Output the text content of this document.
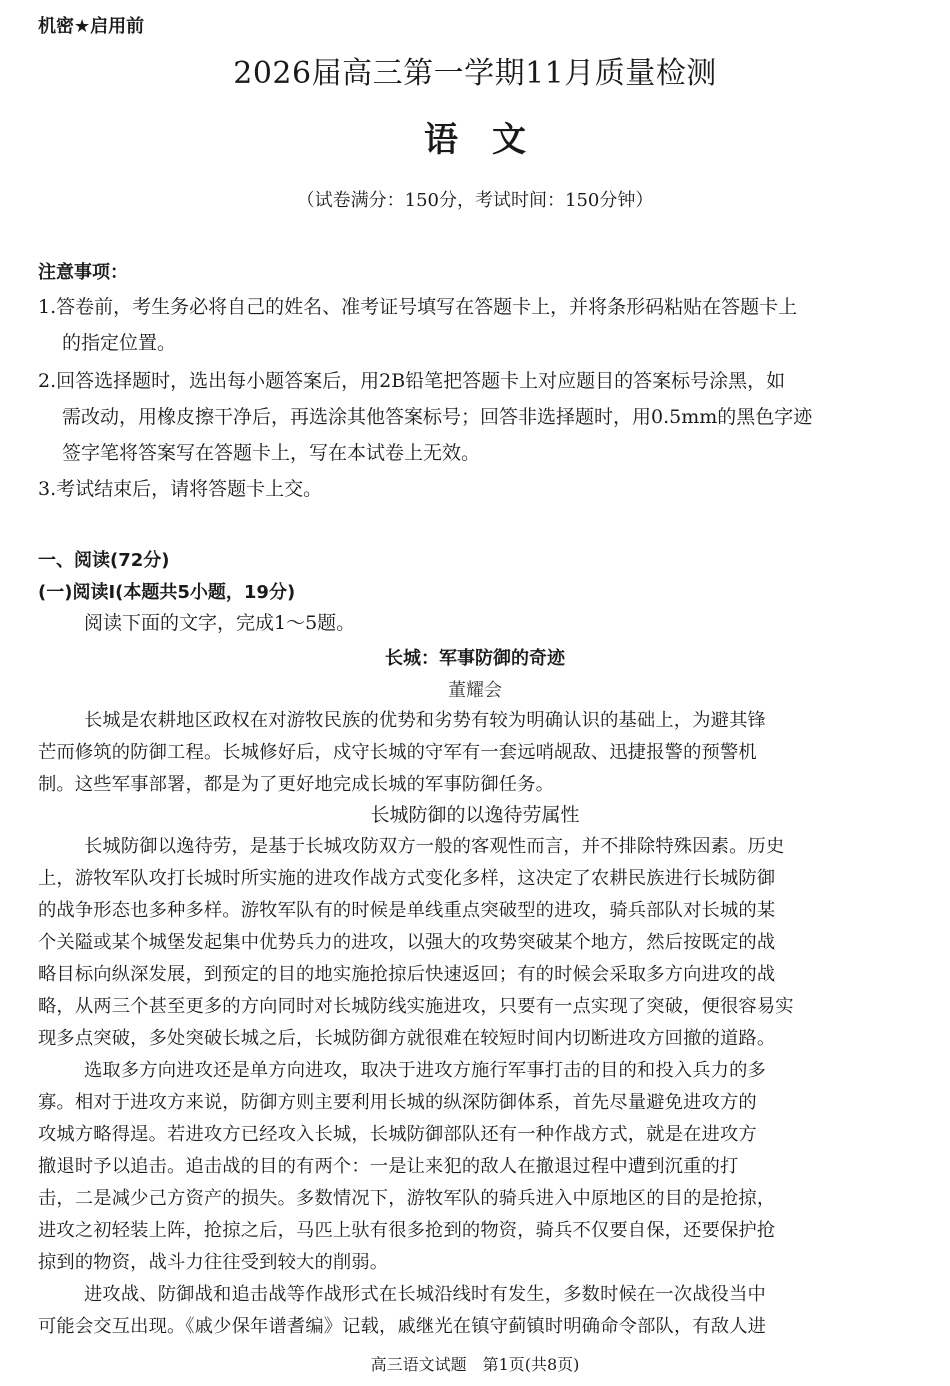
机密★启用前
2026届高三第一学期11月质量检测
语　文
（试卷满分：150分，考试时间：150分钟）
注意事项：
1.答卷前，考生务必将自己的姓名、准考证号填写在答题卡上，并将条形码粘贴在答题卡上
的指定位置。
2.回答选择题时，选出每小题答案后，用2B铅笔把答题卡上对应题目的答案标号涂黑，如
需改动，用橡皮擦干净后，再选涂其他答案标号；回答非选择题时，用0.5mm的黑色字迹
签字笔将答案写在答题卡上，写在本试卷上无效。
3.考试结束后，请将答题卡上交。
一、阅读(72分)
(一)阅读Ⅰ(本题共5小题，19分)
阅读下面的文字，完成1～5题。
长城：军事防御的奇迹
董耀会
长城是农耕地区政权在对游牧民族的优势和劣势有较为明确认识的基础上，为避其锋
芒而修筑的防御工程。长城修好后，戍守长城的守军有一套远哨觇敌、迅捷报警的预警机
制。这些军事部署，都是为了更好地完成长城的军事防御任务。
长城防御的以逸待劳属性
长城防御以逸待劳，是基于长城攻防双方一般的客观性而言，并不排除特殊因素。历史
上，游牧军队攻打长城时所实施的进攻作战方式变化多样，这决定了农耕民族进行长城防御
的战争形态也多种多样。游牧军队有的时候是单线重点突破型的进攻，骑兵部队对长城的某
个关隘或某个城堡发起集中优势兵力的进攻，以强大的攻势突破某个地方，然后按既定的战
略目标向纵深发展，到预定的目的地实施抢掠后快速返回；有的时候会采取多方向进攻的战
略，从两三个甚至更多的方向同时对长城防线实施进攻，只要有一点实现了突破，便很容易实
现多点突破，多处突破长城之后，长城防御方就很难在较短时间内切断进攻方回撤的道路。
选取多方向进攻还是单方向进攻，取决于进攻方施行军事打击的目的和投入兵力的多
寡。相对于进攻方来说，防御方则主要利用长城的纵深防御体系，首先尽量避免进攻方的
攻城方略得逞。若进攻方已经攻入长城，长城防御部队还有一种作战方式，就是在进攻方
撤退时予以追击。追击战的目的有两个：一是让来犯的敌人在撤退过程中遭到沉重的打
击，二是减少己方资产的损失。多数情况下，游牧军队的骑兵进入中原地区的目的是抢掠，
进攻之初轻装上阵，抢掠之后，马匹上驮有很多抢到的物资，骑兵不仅要自保，还要保护抢
掠到的物资，战斗力往往受到较大的削弱。
进攻战、防御战和追击战等作战形式在长城沿线时有发生，多数时候在一次战役当中
可能会交互出现。《戚少保年谱耆编》记载，戚继光在镇守蓟镇时明确命令部队，有敌人进
高三语文试题　第1页(共8页)
